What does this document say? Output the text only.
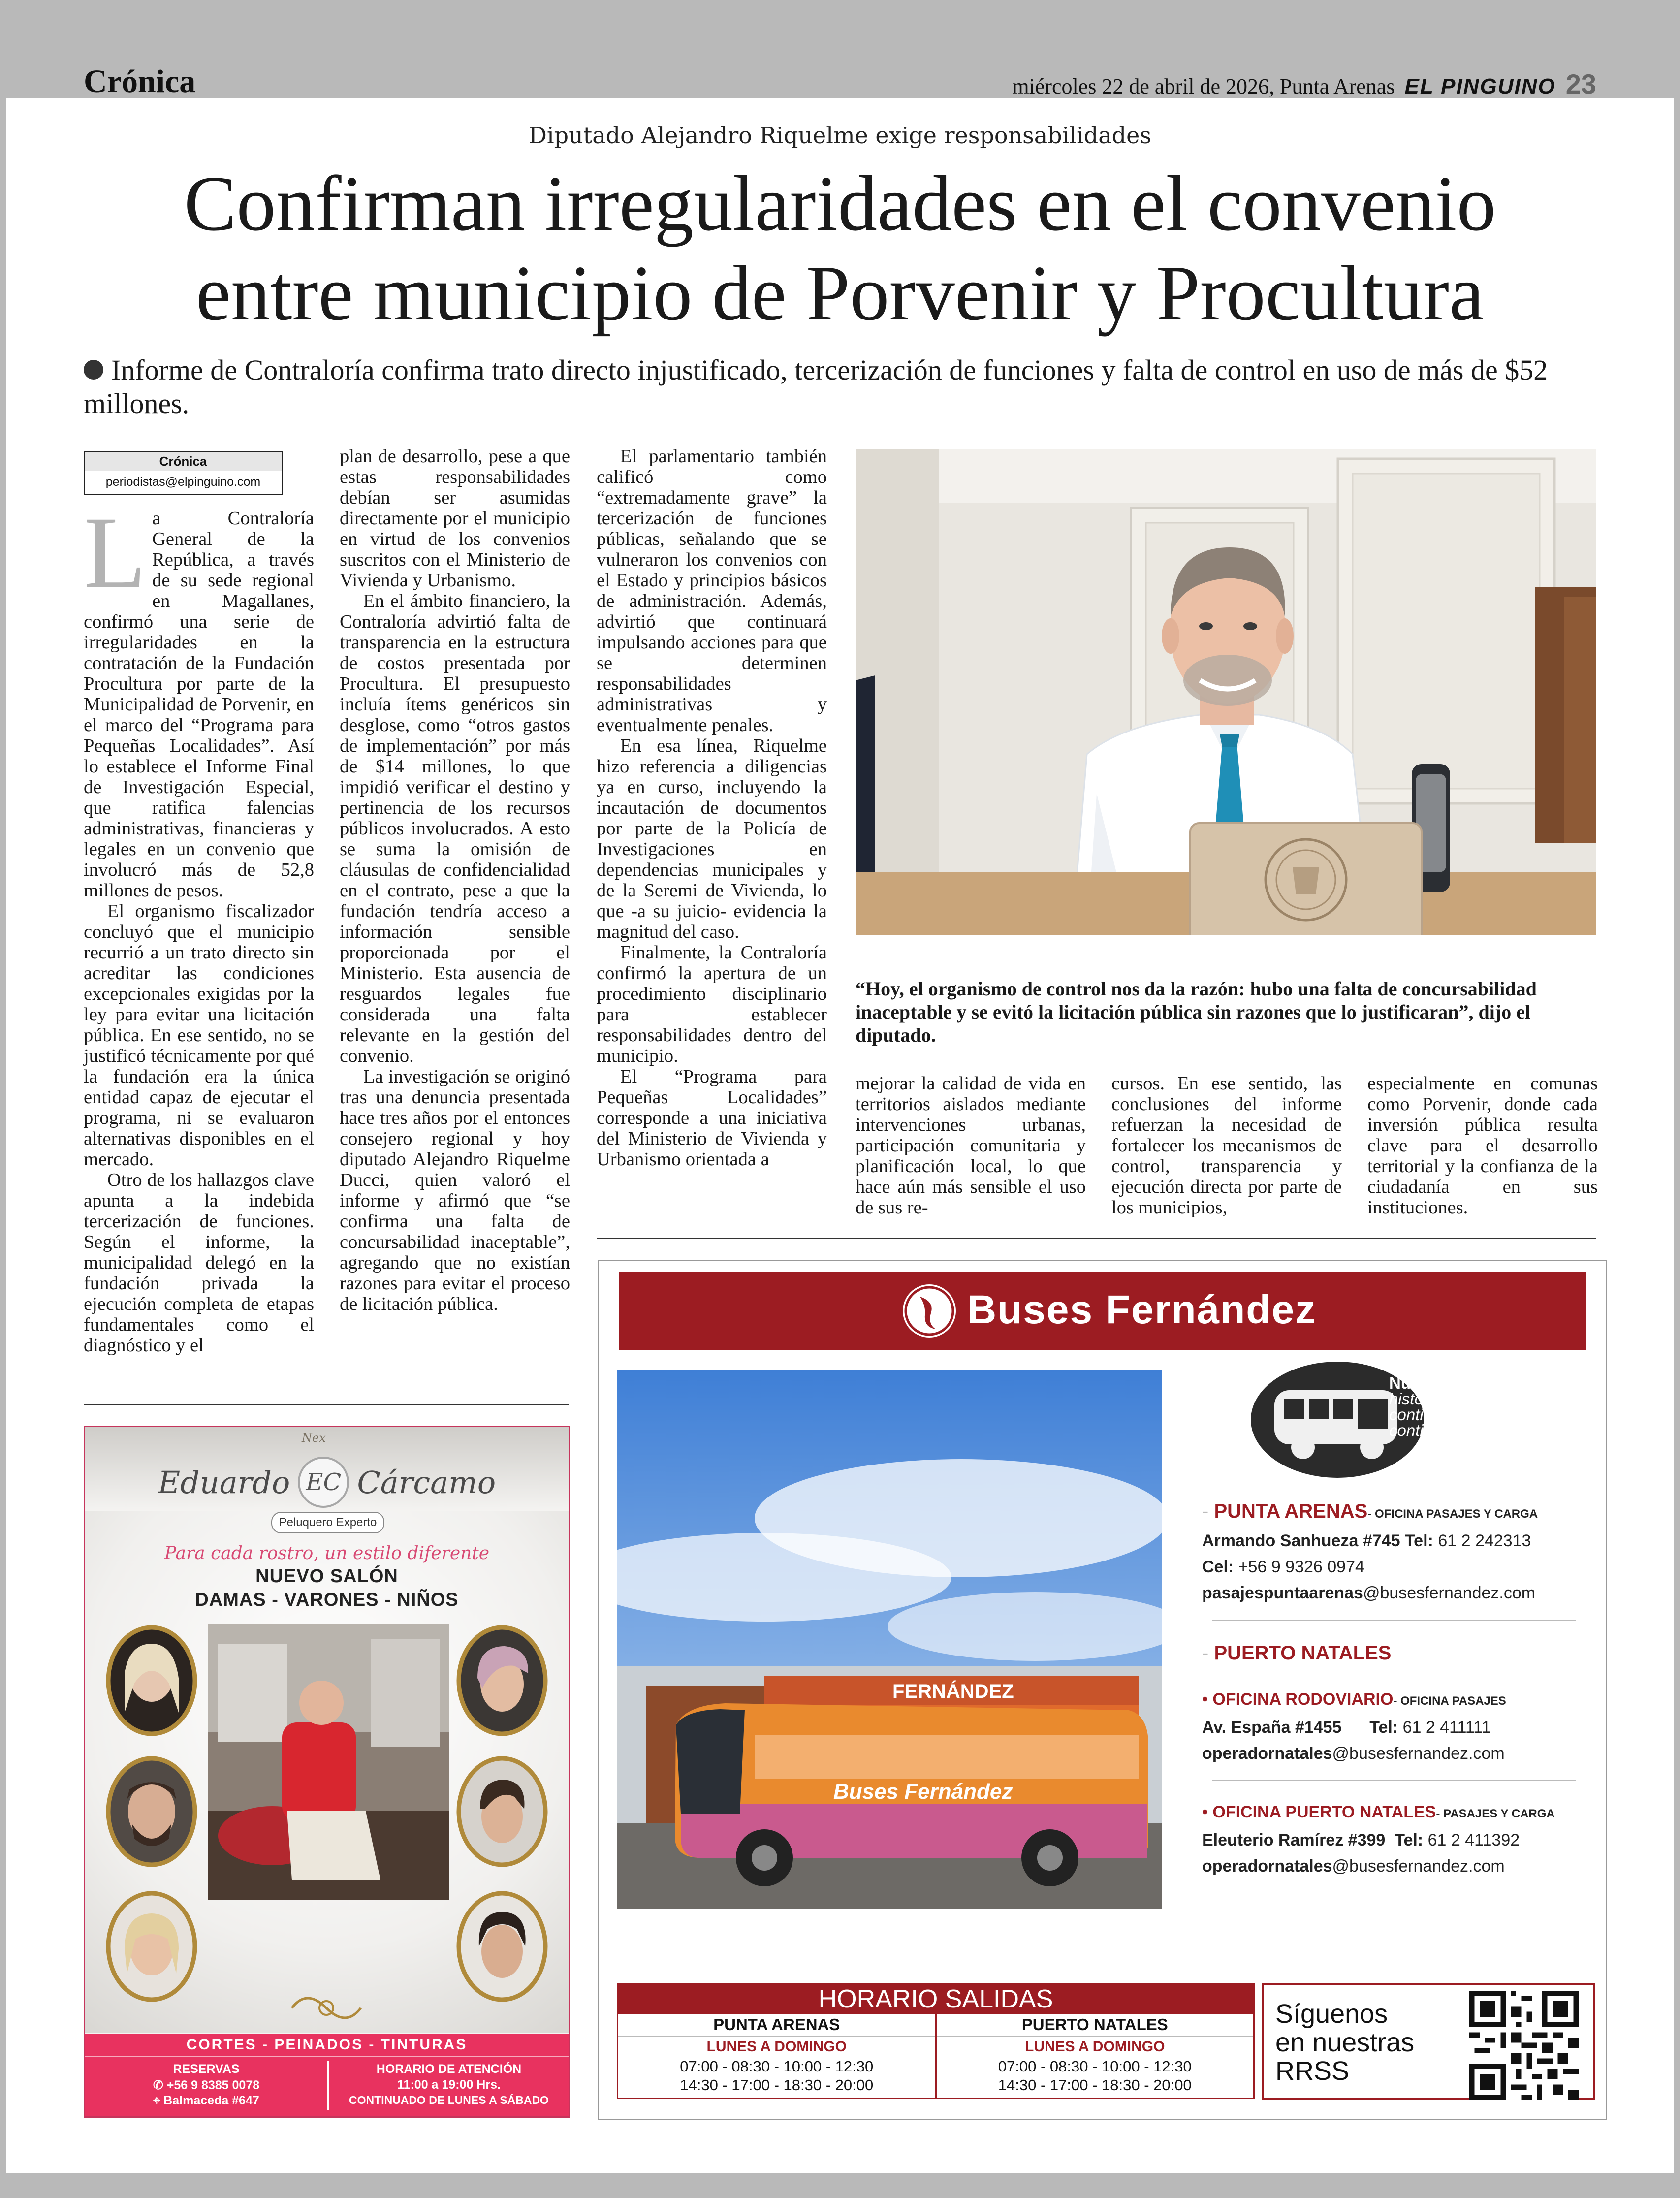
Crónica	miércoles 22 de abril de 2026, Punta Arenas EL PINGUINO 23
Diputado Alejandro Riquelme exige responsabilidades
Confirman irregularidades en el convenio
entre municipio de Porvenir y Procultura
Informe de Contraloría confirma trato directo injustificado, tercerización de funciones y falta de control en uso de más de $52 millones.
Crónica
periodistas@elpinguino.com

La Contraloría General de la República, a través de su sede regional en Magallanes, confirmó una serie de irregularidades en la contratación de la Fundación Procultura por parte de la Municipalidad de Porvenir, en el marco del “Programa para Pequeñas Localidades”. Así lo establece el Informe Final de Investigación Especial, que ratifica falencias administrativas, financieras y legales en un convenio que involucró más de 52,8 millones de pesos.

El organismo fiscalizador concluyó que el municipio recurrió a un trato directo sin acreditar las condiciones excepcionales exigidas por la ley para evitar una licitación pública. En ese sentido, no se justificó técnicamente por qué la fundación era la única entidad capaz de ejecutar el programa, ni se evaluaron alternativas disponibles en el mercado.

Otro de los hallazgos clave apunta a la indebida tercerización de funciones. Según el informe, la municipalidad delegó en la fundación privada la ejecución completa de etapas fundamentales como el diagnóstico y el

plan de desarrollo, pese a que estas responsabilidades debían ser asumidas directamente por el municipio en virtud de los convenios suscritos con el Ministerio de Vivienda y Urbanismo.

En el ámbito financiero, la Contraloría advirtió falta de transparencia en la estructura de costos presentada por Procultura. El presupuesto incluía ítems genéricos sin desglose, como “otros gastos de implementación” por más de $14 millones, lo que impidió verificar el destino y pertinencia de los recursos públicos involucrados. A esto se suma la omisión de cláusulas de confidencialidad en el contrato, pese a que la fundación tendría acceso a información sensible proporcionada por el Ministerio. Esta ausencia de resguardos legales fue considerada una falta relevante en la gestión del convenio.

La investigación se originó tras una denuncia presentada hace tres años por el entonces consejero regional y hoy diputado Alejandro Riquelme Ducci, quien valoró el informe y afirmó que “se confirma una falta de concursabilidad inaceptable”, agregando que no existían razones para evitar el proceso de licitación pública.

El parlamentario también calificó como “extremadamente grave” la tercerización de funciones públicas, señalando que se vulneraron los convenios con el Estado y principios básicos de administración. Además, advirtió que continuará impulsando acciones para que se determinen responsabilidades administrativas y eventualmente penales.

En esa línea, Riquelme hizo referencia a diligencias ya en curso, incluyendo la incautación de documentos por parte de la Policía de Investigaciones en dependencias municipales y de la Seremi de Vivienda, lo que -a su juicio- evidencia la magnitud del caso.

Finalmente, la Contraloría confirmó la apertura de un procedimiento disciplinario para establecer responsabilidades dentro del municipio.

El “Programa para Pequeñas Localidades” corresponde a una iniciativa del Ministerio de Vivienda y Urbanismo orientada a

“Hoy, el organismo de control nos da la razón: hubo una falta de concursabilidad inaceptable y se evitó la licitación pública sin razones que lo justificaran”, dijo el diputado.

mejorar la calidad de vida en territorios aislados mediante intervenciones urbanas, participación comunitaria y planificación local, lo que hace aún más sensible el uso de sus re-

cursos. En ese sentido, las conclusiones del informe refuerzan la necesidad de fortalecer los mecanismos de control, transparencia y ejecución directa por parte de los municipios,

especialmente en comunas como Porvenir, donde cada inversión pública resulta clave para el desarrollo territorial y la confianza de la ciudadanía en sus instituciones.

Nex
Eduardo EC Cárcamo
Peluquero Experto
Para cada rostro, un estilo diferente
NUEVO SALÓN
DAMAS - VARONES - NIÑOS
CORTES - PEINADOS - TINTURAS
RESERVAS
✆ +56 9 8385 0078
⌖ Balmaceda #647
HORARIO DE ATENCIÓN
11:00 a 19:00 Hrs.
CONTINUADO DE LUNES A SÁBADO
Buses Fernández
FERNÁNDEZ
Buses Fernández
Nuestra
historia
continúa
contigo
- PUNTA ARENAS- OFICINA PASAJES Y CARGA
Armando Sanhueza #745 Tel: 61 2 242313
Cel: +56 9 9326 0974
pasajespuntaarenas@busesfernandez.com
- PUERTO NATALES
• OFICINA RODOVIARIO- OFICINA PASAJES
Av. España #1455 Tel: 61 2 411111
operadornatales@busesfernandez.com
• OFICINA PUERTO NATALES- PASAJES Y CARGA
Eleuterio Ramírez #399 Tel: 61 2 411392
operadornatales@busesfernandez.com
HORARIO SALIDAS
PUNTA ARENAS
LUNES A DOMINGO
07:00 - 08:30 - 10:00 - 12:30
14:30 - 17:00 - 18:30 - 20:00
PUERTO NATALES
LUNES A DOMINGO
07:00 - 08:30 - 10:00 - 12:30
14:30 - 17:00 - 18:30 - 20:00
Síguenos
en nuestras
RRSS
